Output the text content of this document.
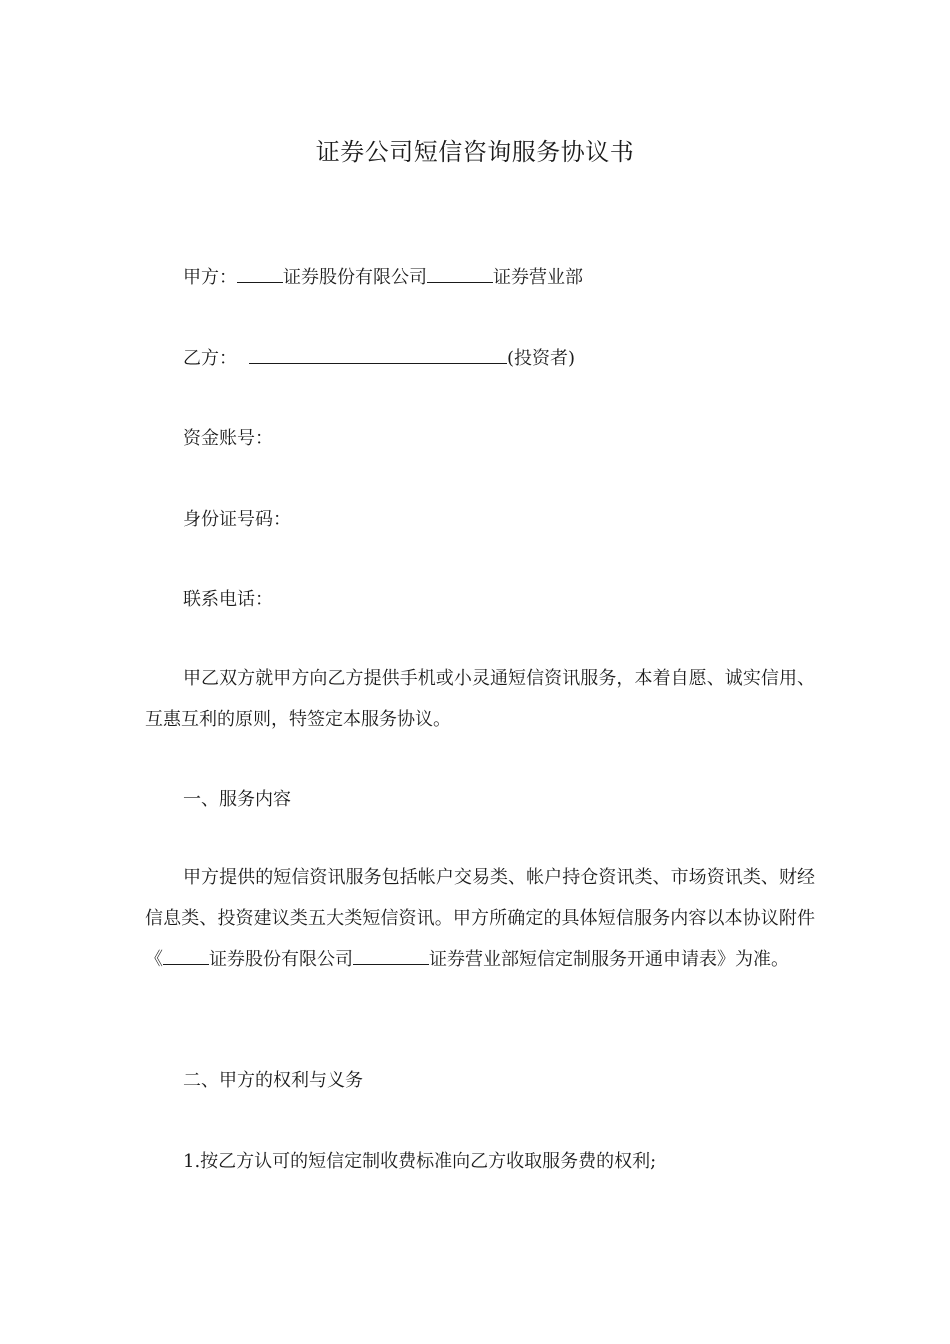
证券公司短信咨询服务协议书
甲方：	证券股份有限公司	证券营业部
乙方：	(投资者)
资金账号：
身份证号码：
联系电话：
甲乙双方就甲方向乙方提供手机或小灵通短信资讯服务，本着自愿、诚实信用、互惠互利的原则，特签定本服务协议。
一、服务内容
甲方提供的短信资讯服务包括帐户交易类、帐户持仓资讯类、市场资讯类、财经信息类、投资建议类五大类短信资讯。甲方所确定的具体短信服务内容以本协议附件《	证券股份有限公司	证券营业部短信定制服务开通申请表》为准。
二、甲方的权利与义务
1.按乙方认可的短信定制收费标准向乙方收取服务费的权利;
